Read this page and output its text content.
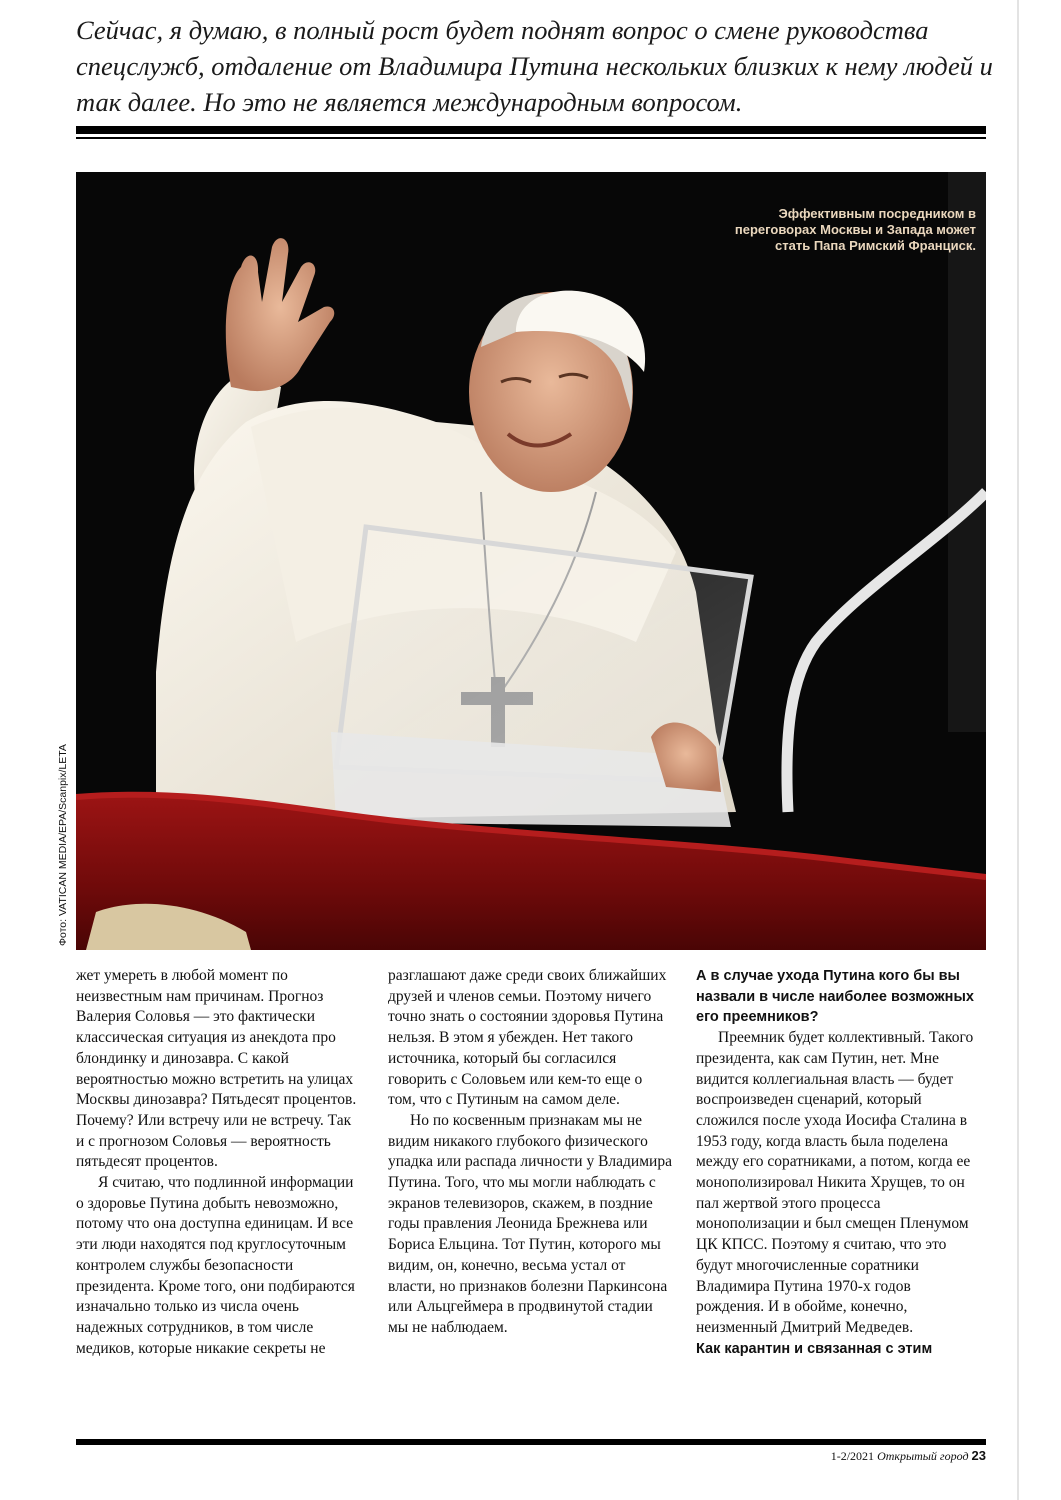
Сейчас, я думаю, в полный рост будет поднят вопрос о смене руководства спецслужб, отдаление от Владимира Путина нескольких близких к нему людей и так далее. Но это не является международным вопросом.

Эффективным посредником в переговорах Москвы и Запада может стать Папа Римский Франциск.
Фото: VATICAN MEDIA/EPA/Scanpix/LETA

жет умереть в любой момент по неизвестным нам причинам. Прогноз Валерия Соловья — это фактически классическая ситуация из анекдота про блондинку и динозавра. С какой вероятностью можно встретить на улицах Москвы динозавра? Пятьдесят процентов. Почему? Или встречу или не встречу. Так и с прогнозом Соловья — вероятность пятьдесят процентов.

Я считаю, что подлинной информации о здоровье Путина добыть невозможно, потому что она доступна единицам. И все эти люди находятся под круглосуточным контролем службы безопасности президента. Кроме того, они подбираются изначально только из числа очень надежных сотрудников, в том числе медиков, которые никакие секреты не

разглашают даже среди своих ближайших друзей и членов семьи. Поэтому ничего точно знать о состоянии здоровья Путина нельзя. В этом я убежден. Нет такого источника, который бы согласился говорить с Соловьем или кем-то еще о том, что с Путиным на самом деле.

Но по косвенным признакам мы не видим никакого глубокого физического упадка или распада личности у Владимира Путина. Того, что мы могли наблюдать с экранов телевизоров, скажем, в поздние годы правления Леонида Брежнева или Бориса Ельцина. Тот Путин, которого мы видим, он, конечно, весьма устал от власти, но признаков болезни Паркинсона или Альцгеймера в продвинутой стадии мы не наблюдаем.

А в случае ухода Путина кого бы вы назвали в числе наиболее возможных его преемников?

Преемник будет коллективный. Такого президента, как сам Путин, нет. Мне видится коллегиальная власть — будет воспроизведен сценарий, который сложился после ухода Иосифа Сталина в 1953 году, когда власть была поделена между его соратниками, а потом, когда ее монополизировал Никита Хрущев, то он пал жертвой этого процесса монополизации и был смещен Пленумом ЦК КПСС. Поэтому я считаю, что это будут многочисленные соратники Владимира Путина 1970-х годов рождения. И в обойме, конечно, неизменный Дмитрий Медведев.

Как карантин и связанная с этим

1-2/2021 Открытый город 23
